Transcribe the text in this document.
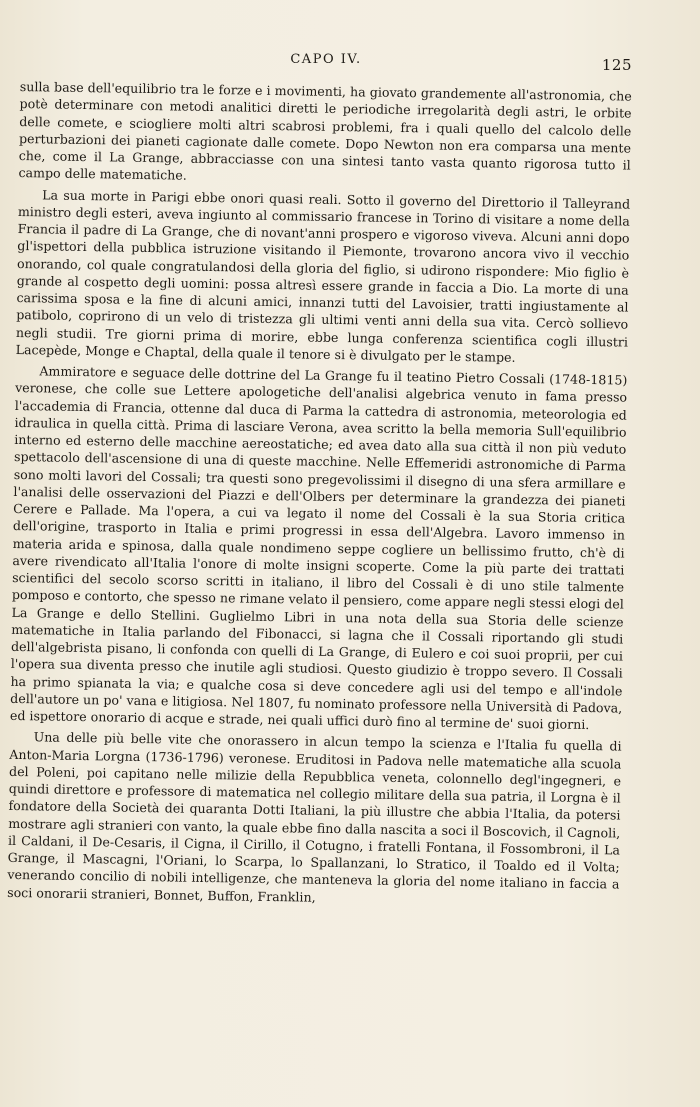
CAPO IV.	125

sulla base dell'equilibrio tra le forze e i movimenti, ha giovato grandemente all'astronomia, che potè determinare con metodi analitici diretti le periodiche irregolarità degli astri, le orbite delle comete, e sciogliere molti altri scabrosi problemi, fra i quali quello del calcolo delle perturbazioni dei pianeti cagionate dalle comete. Dopo Newton non era comparsa una mente che, come il La Grange, abbracciasse con una sintesi tanto vasta quanto rigorosa tutto il campo delle matematiche.

La sua morte in Parigi ebbe onori quasi reali. Sotto il governo del Direttorio il Talleyrand ministro degli esteri, aveva ingiunto al commissario francese in Torino di visitare a nome della Francia il padre di La Grange, che di novant'anni prospero e vigoroso viveva. Alcuni anni dopo gl'ispettori della pubblica istruzione visitando il Piemonte, trovarono ancora vivo il vecchio onorando, col quale congratulandosi della gloria del figlio, si udirono rispondere: Mio figlio è grande al cospetto degli uomini: possa altresì essere grande in faccia a Dio. La morte di una carissima sposa e la fine di alcuni amici, innanzi tutti del Lavoisier, tratti ingiustamente al patibolo, coprirono di un velo di tristezza gli ultimi venti anni della sua vita. Cercò sollievo negli studii. Tre giorni prima di morire, ebbe lunga conferenza scientifica cogli illustri Lacepède, Monge e Chaptal, della quale il tenore si è divulgato per le stampe.

Ammiratore e seguace delle dottrine del La Grange fu il teatino Pietro Cossali (1748-1815) veronese, che colle sue Lettere apologetiche dell'analisi algebrica venuto in fama presso l'accademia di Francia, ottenne dal duca di Parma la cattedra di astronomia, meteorologia ed idraulica in quella città. Prima di lasciare Verona, avea scritto la bella memoria Sull'equilibrio interno ed esterno delle macchine aereostatiche; ed avea dato alla sua città il non più veduto spettacolo dell'ascensione di una di queste macchine. Nelle Effemeridi astronomiche di Parma sono molti lavori del Cossali; tra questi sono pregevolissimi il disegno di una sfera armillare e l'analisi delle osservazioni del Piazzi e dell'Olbers per determinare la grandezza dei pianeti Cerere e Pallade. Ma l'opera, a cui va legato il nome del Cossali è la sua Storia critica dell'origine, trasporto in Italia e primi progressi in essa dell'Algebra. Lavoro immenso in materia arida e spinosa, dalla quale nondimeno seppe cogliere un bellissimo frutto, ch'è di avere rivendicato all'Italia l'onore di molte insigni scoperte. Come la più parte dei trattati scientifici del secolo scorso scritti in italiano, il libro del Cossali è di uno stile talmente pomposo e contorto, che spesso ne rimane velato il pensiero, come appare negli stessi elogi del La Grange e dello Stellini. Guglielmo Libri in una nota della sua Storia delle scienze matematiche in Italia parlando del Fibonacci, si lagna che il Cossali riportando gli studi dell'algebrista pisano, li confonda con quelli di La Grange, di Eulero e coi suoi proprii, per cui l'opera sua diventa presso che inutile agli studiosi. Questo giudizio è troppo severo. Il Cossali ha primo spianata la via; e qualche cosa si deve concedere agli usi del tempo e all'indole dell'autore un po' vana e litigiosa. Nel 1807, fu nominato professore nella Università di Padova, ed ispettore onorario di acque e strade, nei quali uffici durò fino al termine de' suoi giorni.

Una delle più belle vite che onorassero in alcun tempo la scienza e l'Italia fu quella di Anton-Maria Lorgna (1736-1796) veronese. Eruditosi in Padova nelle matematiche alla scuola del Poleni, poi capitano nelle milizie della Repubblica veneta, colonnello degl'ingegneri, e quindi direttore e professore di matematica nel collegio militare della sua patria, il Lorgna è il fondatore della Società dei quaranta Dotti Italiani, la più illustre che abbia l'Italia, da potersi mostrare agli stranieri con vanto, la quale ebbe fino dalla nascita a soci il Boscovich, il Cagnoli, il Caldani, il De-Cesaris, il Cigna, il Cirillo, il Cotugno, i fratelli Fontana, il Fossombroni, il La Grange, il Mascagni, l'Oriani, lo Scarpa, lo Spallanzani, lo Stratico, il Toaldo ed il Volta; venerando concilio di nobili intelligenze, che manteneva la gloria del nome italiano in faccia a soci onorarii stranieri, Bonnet, Buffon, Franklin,
